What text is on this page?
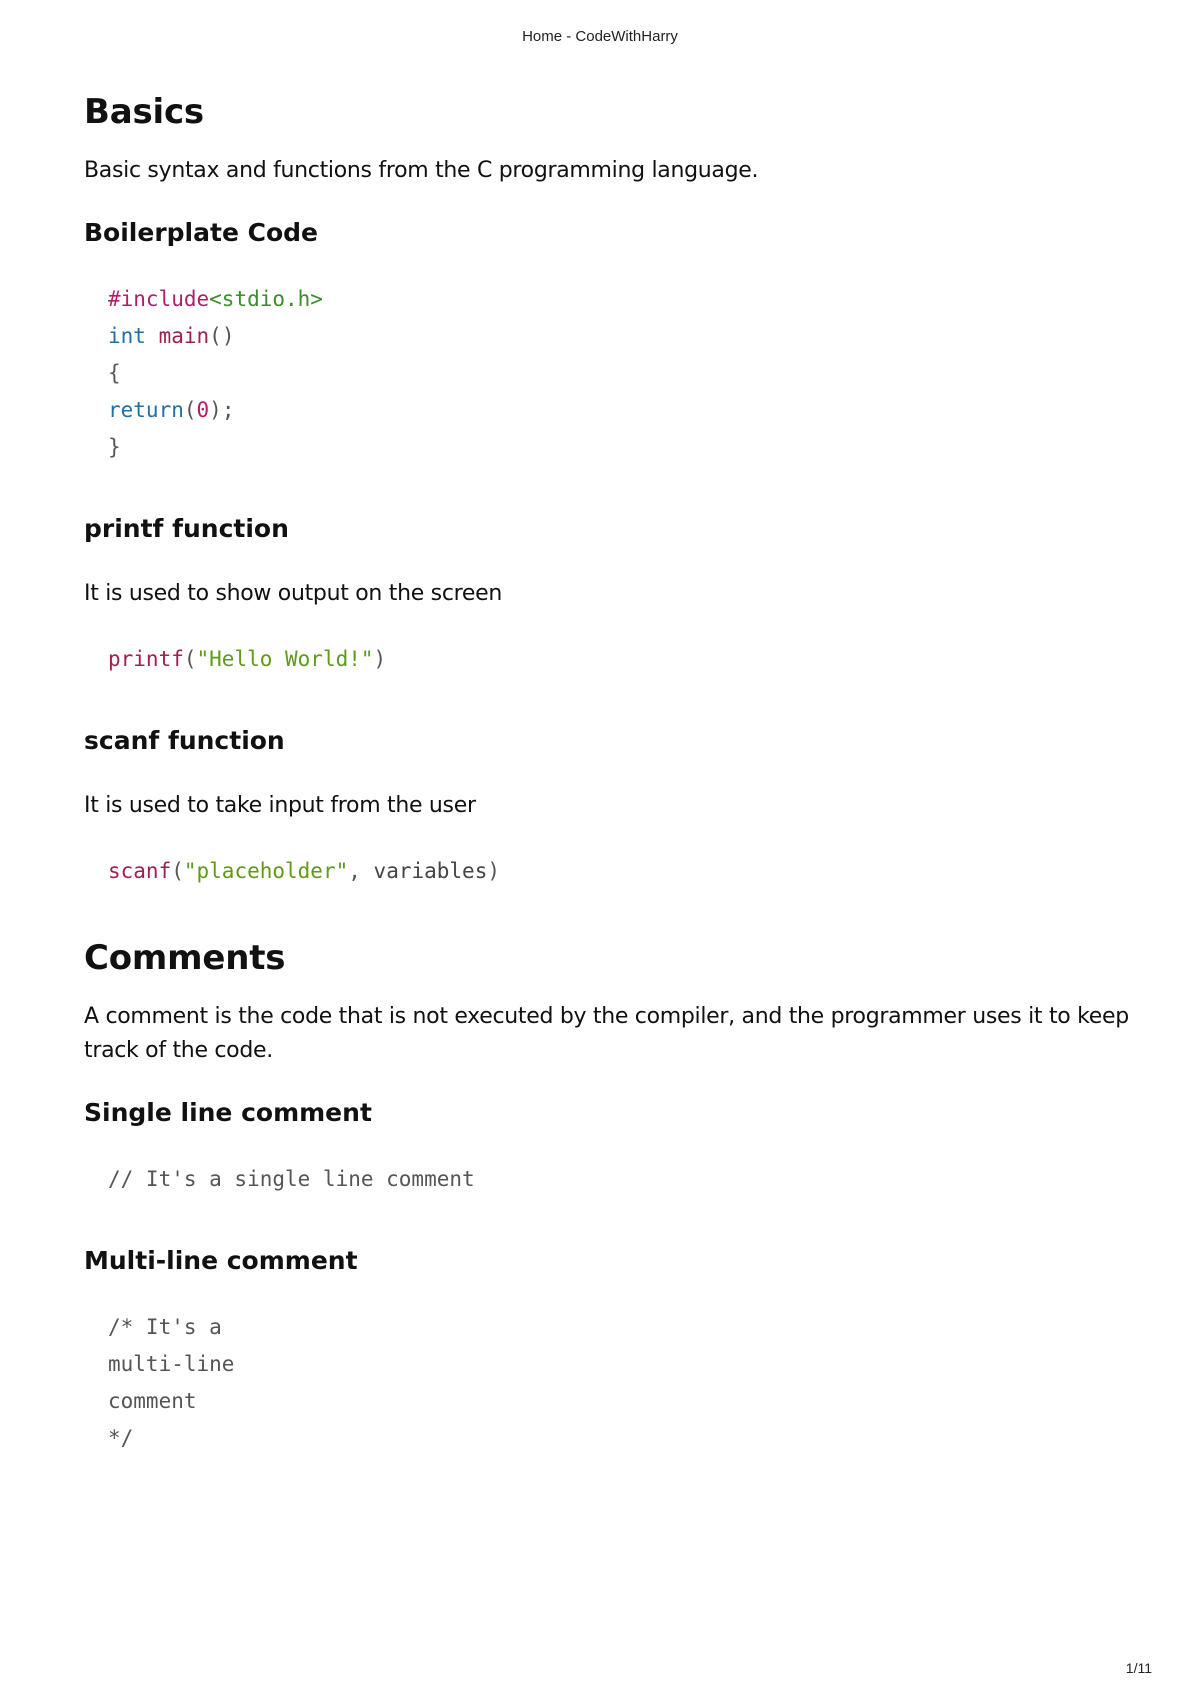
Home - CodeWithHarry
Basics

Basic syntax and functions from the C programming language.

Boilerplate Code
#include<stdio.h>
int main()
{
return(0);
}
printf function

It is used to show output on the screen

printf("Hello World!")
scanf function

It is used to take input from the user

scanf("placeholder", variables)
Comments

A comment is the code that is not executed by the compiler, and the programmer uses it to keep track of the code.

Single line comment
// It's a single line comment
Multi-line comment
/* It's a
multi-line
comment
*/
1/11
